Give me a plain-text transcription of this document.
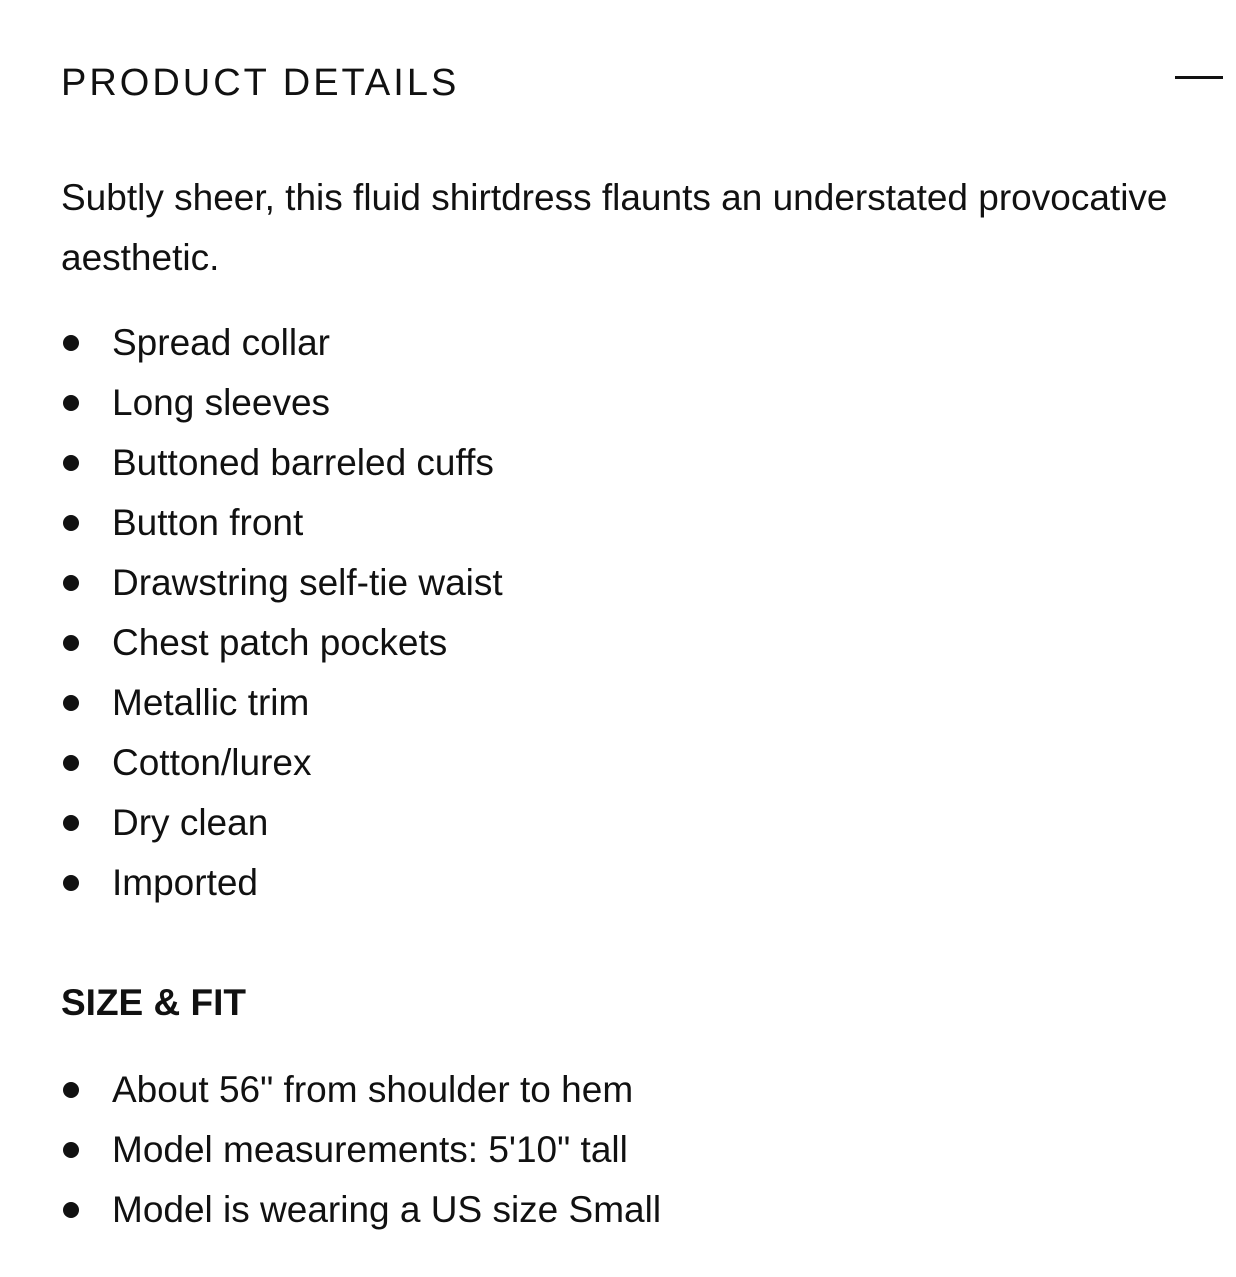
PRODUCT DETAILS

Subtly sheer, this fluid shirtdress flaunts an understated provocative aesthetic.

Spread collar
Long sleeves
Buttoned barreled cuffs
Button front
Drawstring self-tie waist
Chest patch pockets
Metallic trim
Cotton/lurex
Dry clean
Imported
SIZE & FIT
About 56" from shoulder to hem
Model measurements: 5'10" tall
Model is wearing a US size Small
